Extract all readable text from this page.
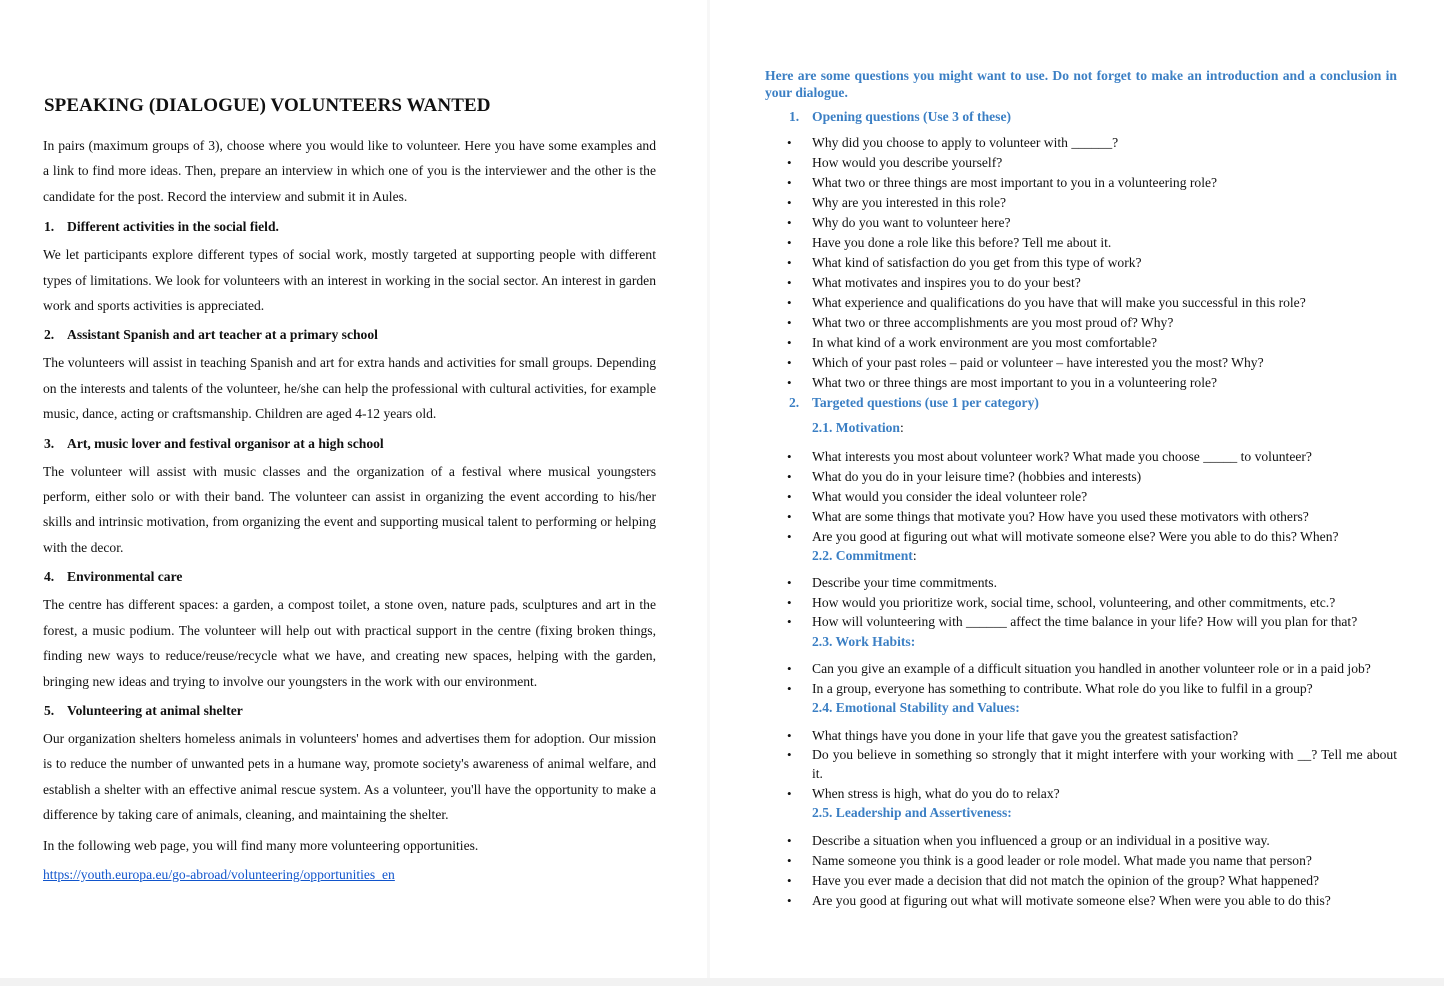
SPEAKING (DIALOGUE) VOLUNTEERS WANTED

In pairs (maximum groups of 3), choose where you would like to volunteer. Here you have some examples and a link to find more ideas. Then, prepare an interview in which one of you is the interviewer and the other is the candidate for the post. Record the interview and submit it in Aules.

1. Different activities in the social field.

We let participants explore different types of social work, mostly targeted at supporting people with different types of limitations. We look for volunteers with an interest in working in the social sector. An interest in garden work and sports activities is appreciated.

2. Assistant Spanish and art teacher at a primary school

The volunteers will assist in teaching Spanish and art for extra hands and activities for small groups. Depending on the interests and talents of the volunteer, he/she can help the professional with cultural activities, for example music, dance, acting or craftsmanship. Children are aged 4-12 years old.

3. Art, music lover and festival organisor at a high school

The volunteer will assist with music classes and the organization of a festival where musical youngsters perform, either solo or with their band. The volunteer can assist in organizing the event according to his/her skills and intrinsic motivation, from organizing the event and supporting musical talent to performing or helping with the decor.

4. Environmental care

The centre has different spaces: a garden, a compost toilet, a stone oven, nature pads, sculptures and art in the forest, a music podium. The volunteer will help out with practical support in the centre (fixing broken things, finding new ways to reduce/reuse/recycle what we have, and creating new spaces, helping with the garden, bringing new ideas and trying to involve our youngsters in the work with our environment.

5. Volunteering at animal shelter

Our organization shelters homeless animals in volunteers' homes and advertises them for adoption. Our mission is to reduce the number of unwanted pets in a humane way, promote society's awareness of animal welfare, and establish a shelter with an effective animal rescue system. As a volunteer, you'll have the opportunity to make a difference by taking care of animals, cleaning, and maintaining the shelter.

In the following web page, you will find many more volunteering opportunities.

https://youth.europa.eu/go-abroad/volunteering/opportunities_en

Here are some questions you might want to use. Do not forget to make an introduction and a conclusion in your dialogue.

1. Opening questions (Use 3 of these)
• Why did you choose to apply to volunteer with ______?
• How would you describe yourself?
• What two or three things are most important to you in a volunteering role?
• Why are you interested in this role?
• Why do you want to volunteer here?
• Have you done a role like this before? Tell me about it.
• What kind of satisfaction do you get from this type of work?
• What motivates and inspires you to do your best?
• What experience and qualifications do you have that will make you successful in this role?
• What two or three accomplishments are you most proud of? Why?
• In what kind of a work environment are you most comfortable?
• Which of your past roles – paid or volunteer – have interested you the most? Why?
• What two or three things are most important to you in a volunteering role?
2. Targeted questions (use 1 per category)

2.1. Motivation:

• What interests you most about volunteer work? What made you choose _____ to volunteer?
• What do you do in your leisure time? (hobbies and interests)
• What would you consider the ideal volunteer role?
• What are some things that motivate you? How have you used these motivators with others?
• Are you good at figuring out what will motivate someone else? Were you able to do this? When?

2.2. Commitment:

• Describe your time commitments.
• How would you prioritize work, social time, school, volunteering, and other commitments, etc.?
• How will volunteering with ______ affect the time balance in your life? How will you plan for that?

2.3. Work Habits:

• Can you give an example of a difficult situation you handled in another volunteer role or in a paid job?
• In a group, everyone has something to contribute. What role do you like to fulfil in a group?

2.4. Emotional Stability and Values:

• What things have you done in your life that gave you the greatest satisfaction?
• Do you believe in something so strongly that it might interfere with your working with __? Tell me about it.
• When stress is high, what do you do to relax?

2.5. Leadership and Assertiveness:

• Describe a situation when you influenced a group or an individual in a positive way.
• Name someone you think is a good leader or role model. What made you name that person?
• Have you ever made a decision that did not match the opinion of the group? What happened?
• Are you good at figuring out what will motivate someone else? When were you able to do this?
